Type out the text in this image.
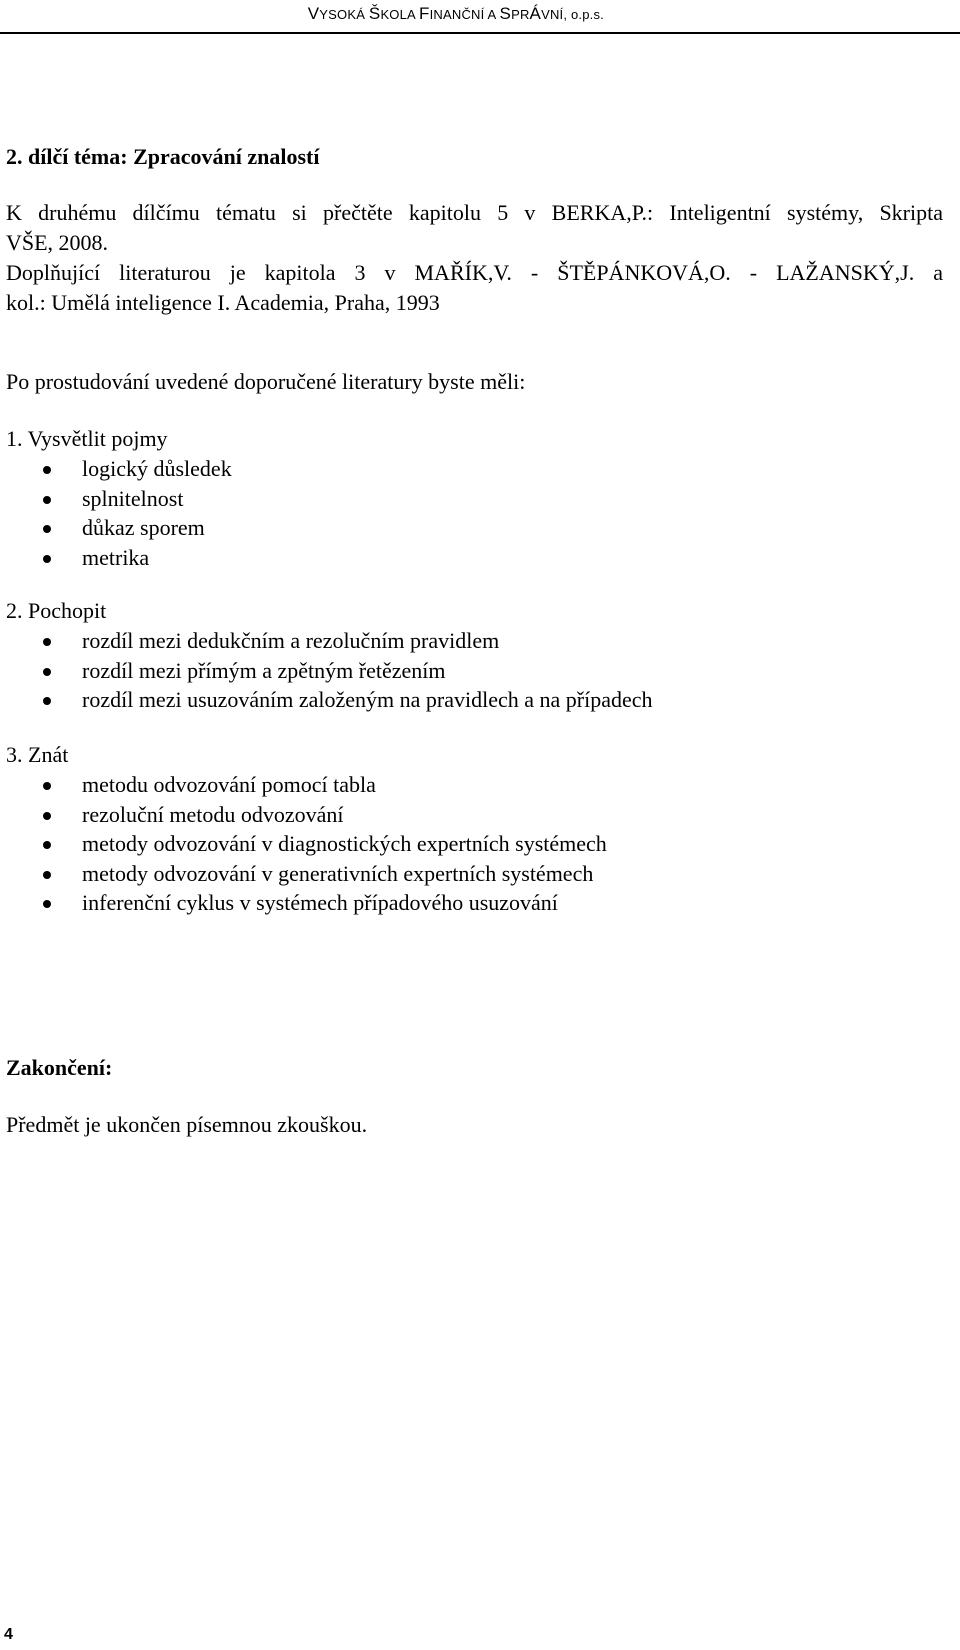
VYSOKÁ ŠKOLA FINANČNÍ A SPRÁVNÍ, o.p.s.
2. dílčí téma: Zpracování znalostí
K druhému dílčímu tématu si přečtěte kapitolu 5 v BERKA,P.: Inteligentní systémy, Skripta
VŠE, 2008.
Doplňující literaturou je kapitola 3 v MAŘÍK,V. - ŠTĚPÁNKOVÁ,O. - LAŽANSKÝ,J. a
kol.: Umělá inteligence I. Academia, Praha, 1993
Po prostudování uvedené doporučené literatury byste měli:
1. Vysvětlit pojmy
logický důsledek
splnitelnost
důkaz sporem
metrika
2. Pochopit
rozdíl mezi dedukčním a rezolučním pravidlem
rozdíl mezi přímým a zpětným řetězením
rozdíl mezi usuzováním založeným na pravidlech a na případech
3. Znát
metodu odvozování pomocí tabla
rezoluční metodu odvozování
metody odvozování v diagnostických expertních systémech
metody odvozování v generativních expertních systémech
inferenční cyklus v systémech případového usuzování
Zakončení:
Předmět je ukončen písemnou zkouškou.
4
